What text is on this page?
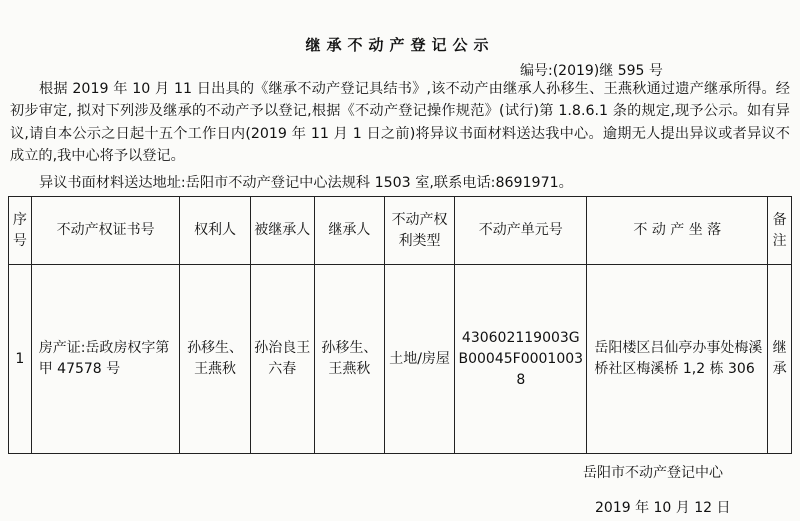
继承不动产登记公示
编号:(2019)继 595 号

根据 2019 年 10 月 11 日出具的《继承不动产登记具结书》,该不动产由继承人孙移生、王燕秋通过遗产继承所得。经初步审定, 拟对下列涉及继承的不动产予以登记,根据《不动产登记操作规范》(试行)第 1.8.6.1 条的规定,现予公示。如有异议,请自本公示之日起十五个工作日内(2019 年 11 月 1 日之前)将异议书面材料送达我中心。逾期无人提出异议或者异议不成立的,我中心将予以登记。

异议书面材料送达地址:岳阳市不动产登记中心法规科 1503 室,联系电话:8691971。
序号	不动产权证书号	权利人	被继承人	继承人	不动产权利类型	不动产单元号	不 动 产 坐 落	备注
1	房产证:岳政房权字第甲 47578 号	孙移生、王燕秋	孙治良王六春	孙移生、王燕秋	土地/房屋	430602119003GB00045F00010038	岳阳楼区吕仙亭办事处梅溪桥社区梅溪桥 1,2 栋 306	继承
岳阳市不动产登记中心
2019 年 10 月 12 日
